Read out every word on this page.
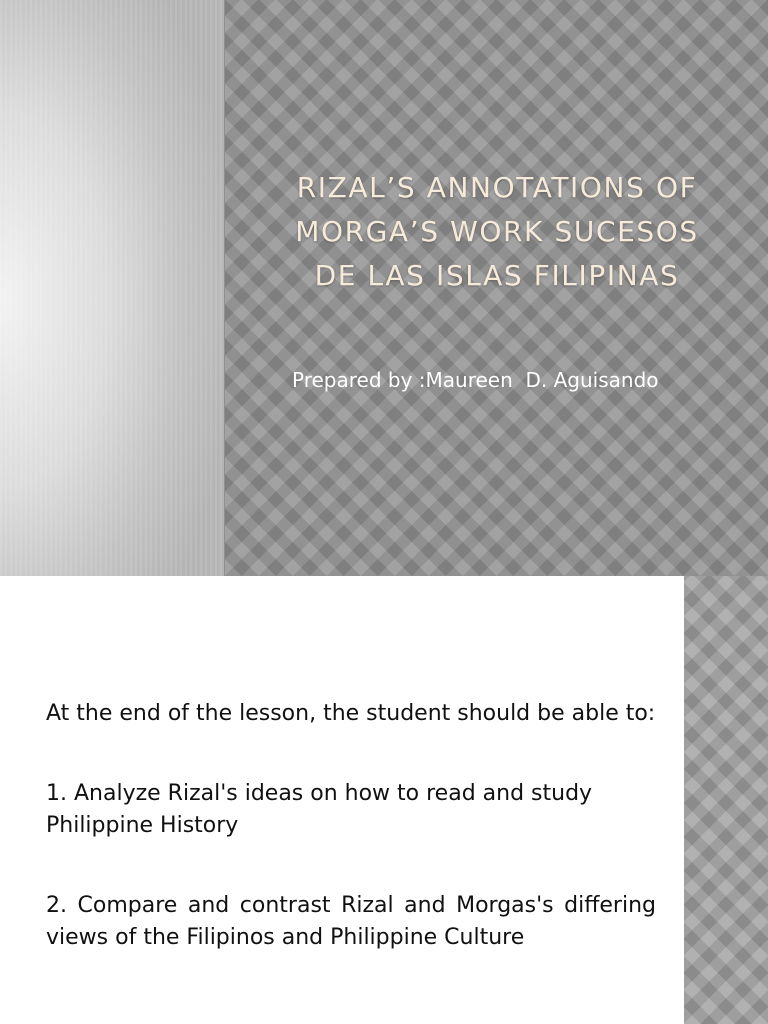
RIZAL’S ANNOTATIONS OF
MORGA’S WORK SUCESOS
DE LAS ISLAS FILIPINAS
Prepared by :Maureen  D. Aguisando

At the end of the lesson, the student should be able to:

1. Analyze Rizal's ideas on how to read and study Philippine History

2. Compare and contrast Rizal and Morgas's differing views of the Filipinos and Philippine Culture
